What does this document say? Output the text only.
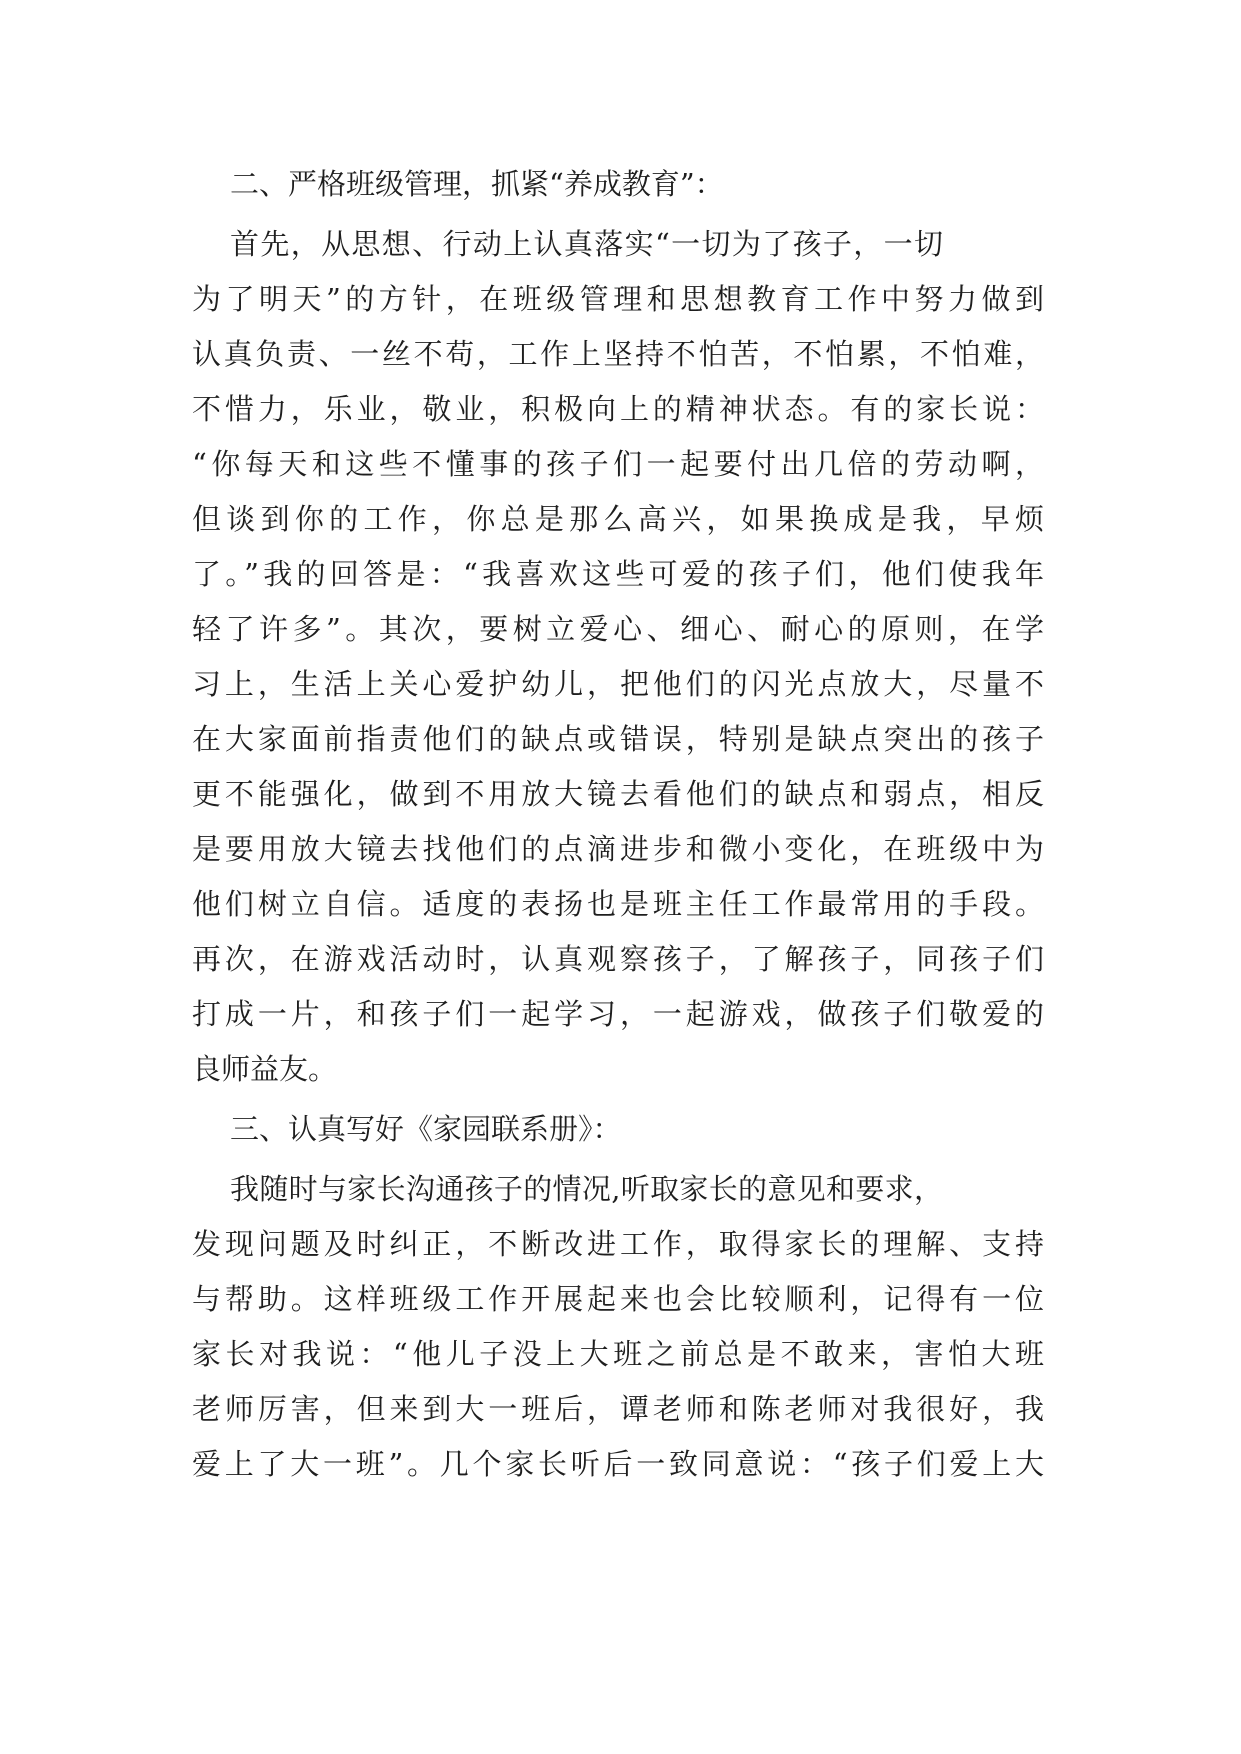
二、严格班级管理，抓紧“养成教育”：
首先，从思想、行动上认真落实“一切为了孩子，一切
为了明天”的方针，在班级管理和思想教育工作中努力做到
认真负责、一丝不苟，工作上坚持不怕苦，不怕累，不怕难，
不惜力，乐业，敬业，积极向上的精神状态。有的家长说：
“你每天和这些不懂事的孩子们一起要付出几倍的劳动啊，
但谈到你的工作，你总是那么高兴，如果换成是我，早烦
了。”我的回答是：“我喜欢这些可爱的孩子们，他们使我年
轻了许多”。其次，要树立爱心、细心、耐心的原则，在学
习上，生活上关心爱护幼儿，把他们的闪光点放大，尽量不
在大家面前指责他们的缺点或错误，特别是缺点突出的孩子
更不能强化，做到不用放大镜去看他们的缺点和弱点，相反
是要用放大镜去找他们的点滴进步和微小变化，在班级中为
他们树立自信。适度的表扬也是班主任工作最常用的手段。
再次，在游戏活动时，认真观察孩子，了解孩子，同孩子们
打成一片，和孩子们一起学习，一起游戏，做孩子们敬爱的
良师益友。
三、认真写好《家园联系册》：
我随时与家长沟通孩子的情况,听取家长的意见和要求，
发现问题及时纠正，不断改进工作，取得家长的理解、支持
与帮助。这样班级工作开展起来也会比较顺利，记得有一位
家长对我说：“他儿子没上大班之前总是不敢来，害怕大班
老师厉害，但来到大一班后，谭老师和陈老师对我很好，我
爱上了大一班”。几个家长听后一致同意说：“孩子们爱上大
